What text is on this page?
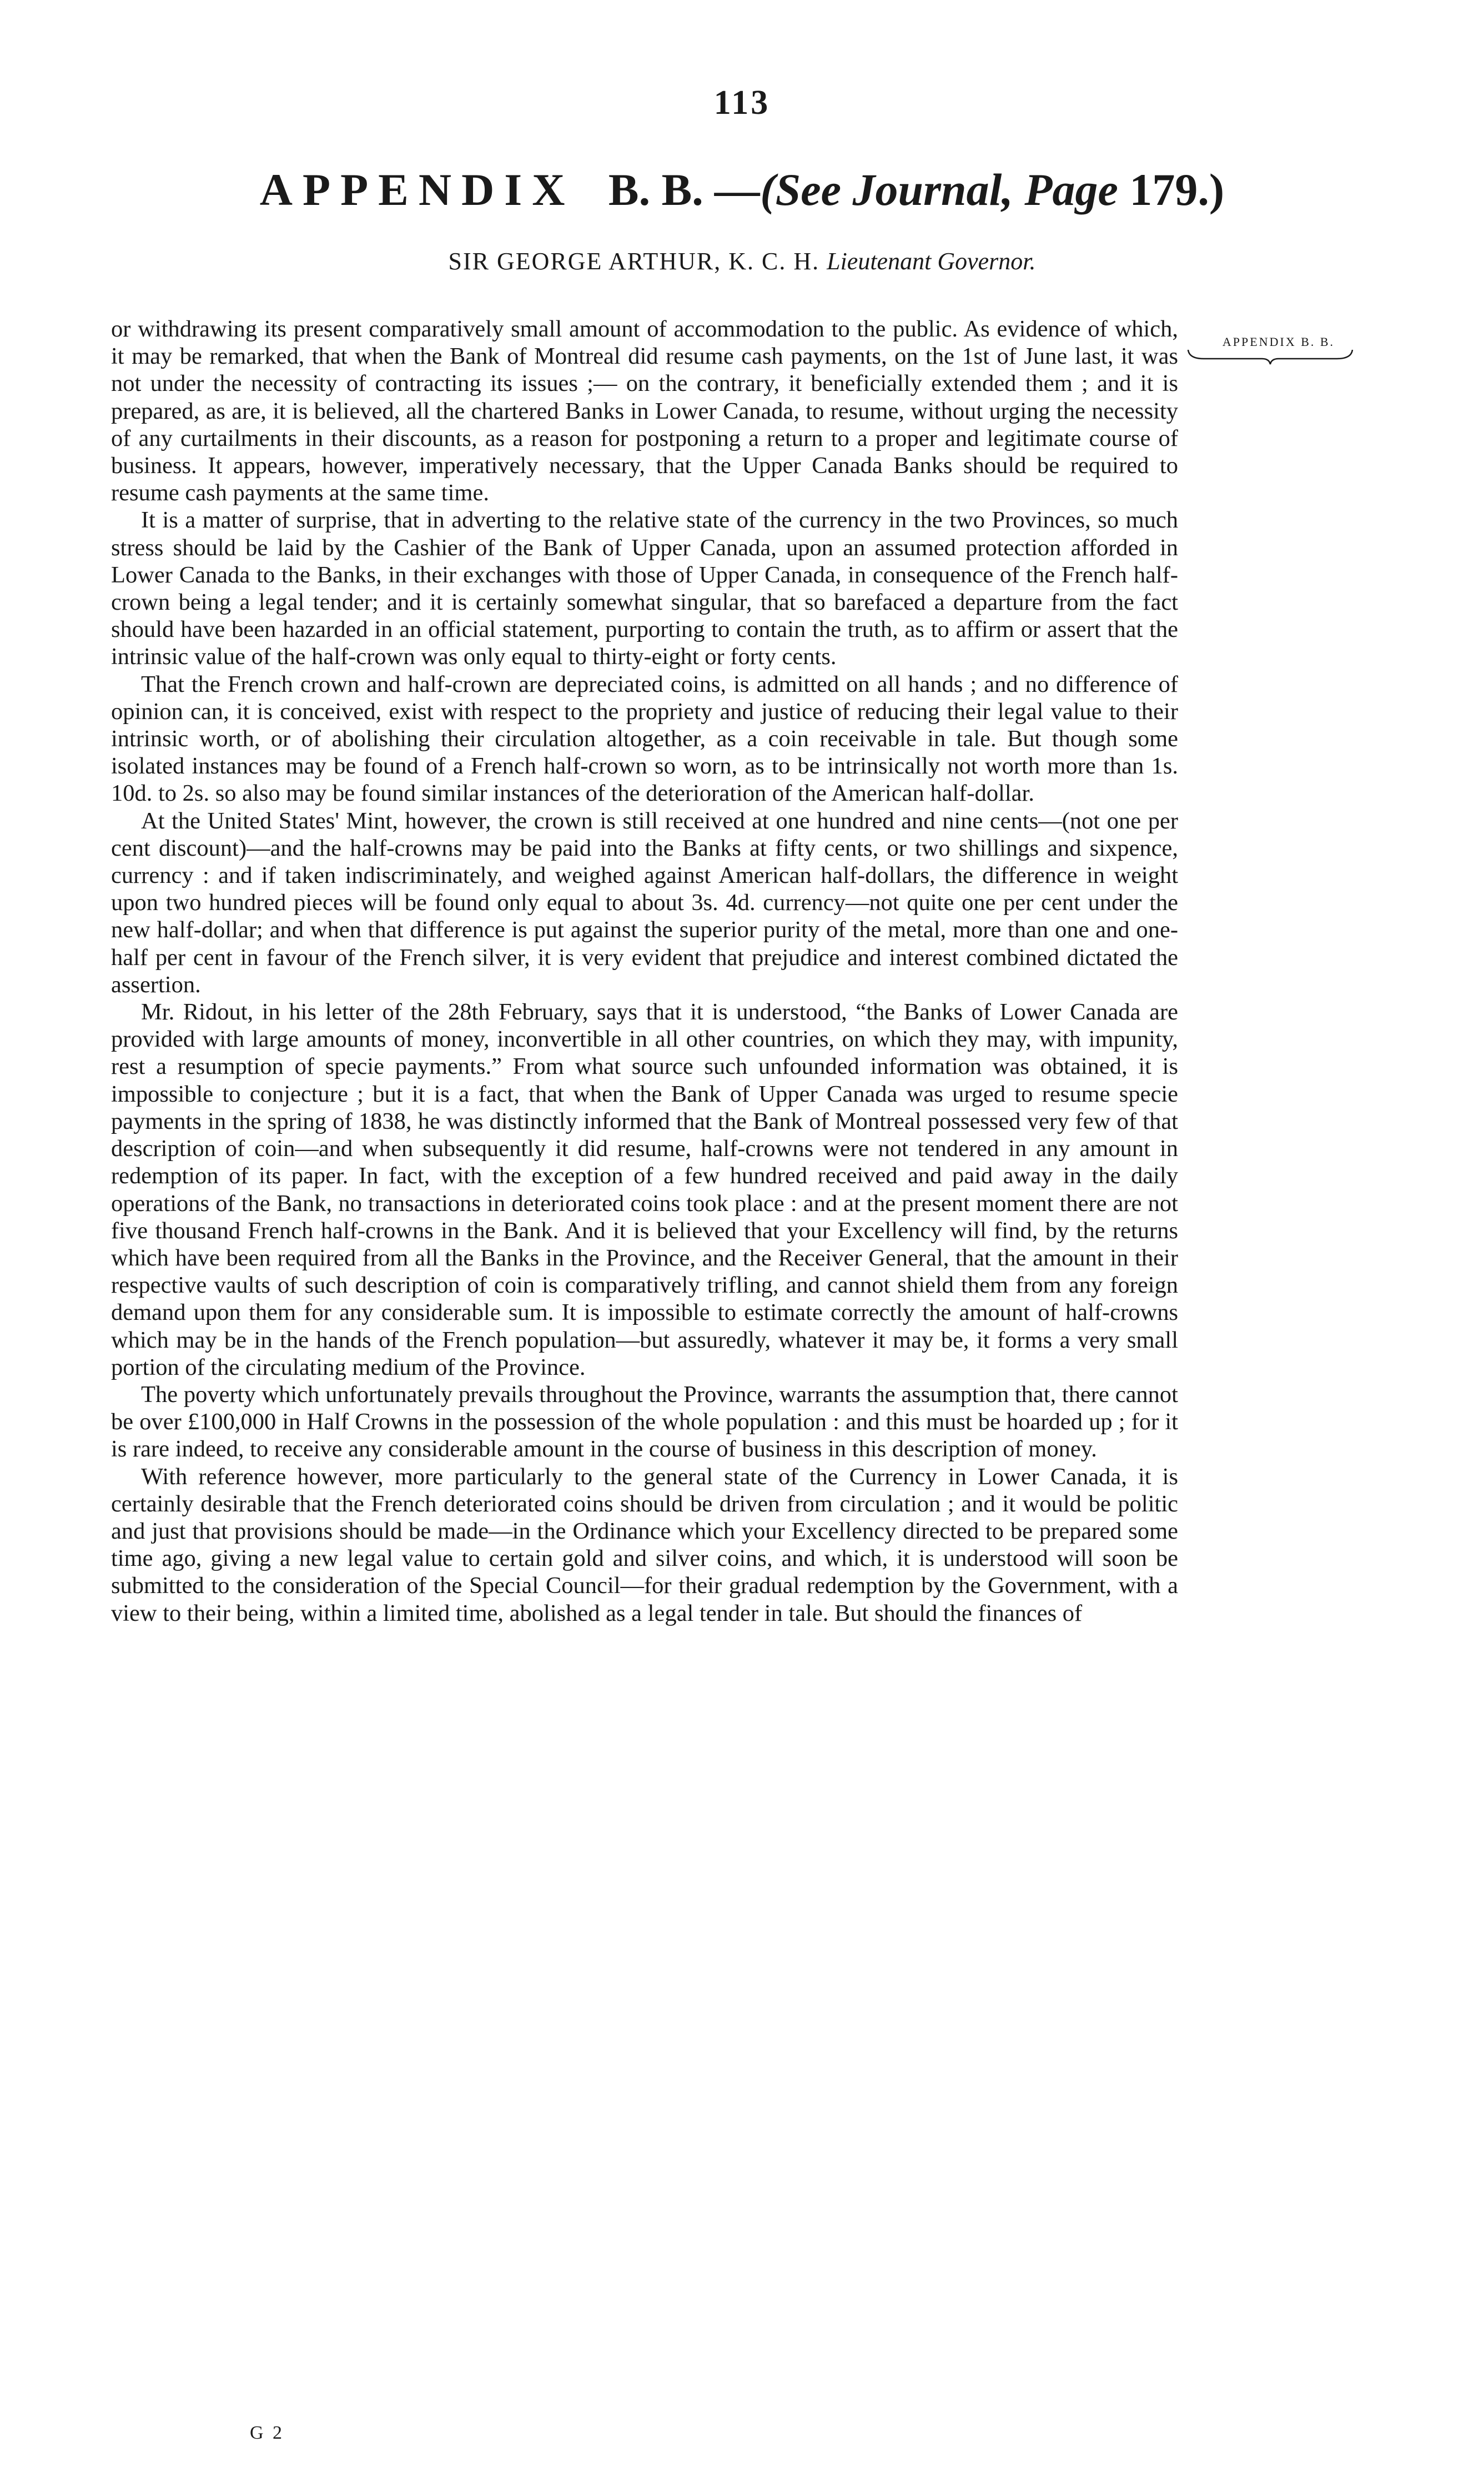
113
APPENDIX B. B. —(See Journal, Page 179.)
SIR GEORGE ARTHUR, K. C. H. Lieutenant Governor.
APPENDIX B. B.

or withdrawing its present comparatively small amount of accommodation to the public. As evidence of which, it may be remarked, that when the Bank of Montreal did resume cash payments, on the 1st of June last, it was not under the necessity of contracting its issues ;— on the contrary, it beneficially extended them ; and it is prepared, as are, it is believed, all the chartered Banks in Lower Canada, to resume, without urging the necessity of any curtailments in their discounts, as a reason for postponing a return to a proper and legitimate course of business. It appears, however, imperatively necessary, that the Upper Canada Banks should be required to resume cash payments at the same time.

It is a matter of surprise, that in adverting to the relative state of the currency in the two Provinces, so much stress should be laid by the Cashier of the Bank of Upper Canada, upon an assumed protection afforded in Lower Canada to the Banks, in their exchanges with those of Upper Canada, in consequence of the French half-crown being a legal tender; and it is certainly somewhat singular, that so barefaced a departure from the fact should have been hazarded in an official statement, purporting to contain the truth, as to affirm or assert that the intrinsic value of the half-crown was only equal to thirty-eight or forty cents.

That the French crown and half-crown are depreciated coins, is admitted on all hands ; and no difference of opinion can, it is conceived, exist with respect to the propriety and justice of reducing their legal value to their intrinsic worth, or of abolishing their circulation altogether, as a coin receivable in tale. But though some isolated instances may be found of a French half-crown so worn, as to be intrinsically not worth more than 1s. 10d. to 2s. so also may be found similar instances of the deterioration of the American half-dollar.

At the United States' Mint, however, the crown is still received at one hundred and nine cents—(not one per cent discount)—and the half-crowns may be paid into the Banks at fifty cents, or two shillings and sixpence, currency : and if taken indiscriminately, and weighed against American half-dollars, the difference in weight upon two hundred pieces will be found only equal to about 3s. 4d. currency—not quite one per cent under the new half-dollar; and when that difference is put against the superior purity of the metal, more than one and one-half per cent in favour of the French silver, it is very evident that prejudice and interest combined dictated the assertion.

Mr. Ridout, in his letter of the 28th February, says that it is understood, “the Banks of Lower Canada are provided with large amounts of money, inconvertible in all other countries, on which they may, with impunity, rest a resumption of specie payments.” From what source such unfounded information was obtained, it is impossible to conjecture ; but it is a fact, that when the Bank of Upper Canada was urged to resume specie payments in the spring of 1838, he was distinctly informed that the Bank of Montreal possessed very few of that description of coin—and when subsequently it did resume, half-crowns were not tendered in any amount in redemption of its paper. In fact, with the exception of a few hundred received and paid away in the daily operations of the Bank, no transactions in deteriorated coins took place : and at the present moment there are not five thousand French half-crowns in the Bank. And it is believed that your Excellency will find, by the returns which have been required from all the Banks in the Province, and the Receiver General, that the amount in their respective vaults of such description of coin is comparatively trifling, and cannot shield them from any foreign demand upon them for any considerable sum. It is impossible to estimate correctly the amount of half-crowns which may be in the hands of the French population—but assuredly, whatever it may be, it forms a very small portion of the circulating medium of the Province.

The poverty which unfortunately prevails throughout the Province, warrants the assumption that, there cannot be over £100,000 in Half Crowns in the possession of the whole population : and this must be hoarded up ; for it is rare indeed, to receive any considerable amount in the course of business in this description of money.

With reference however, more particularly to the general state of the Currency in Lower Canada, it is certainly desirable that the French deteriorated coins should be driven from circulation ; and it would be politic and just that provisions should be made—in the Ordinance which your Excellency directed to be prepared some time ago, giving a new legal value to certain gold and silver coins, and which, it is understood will soon be submitted to the consideration of the Special Council—for their gradual redemption by the Government, with a view to their being, within a limited time, abolished as a legal tender in tale. But should the finances of

G 2
